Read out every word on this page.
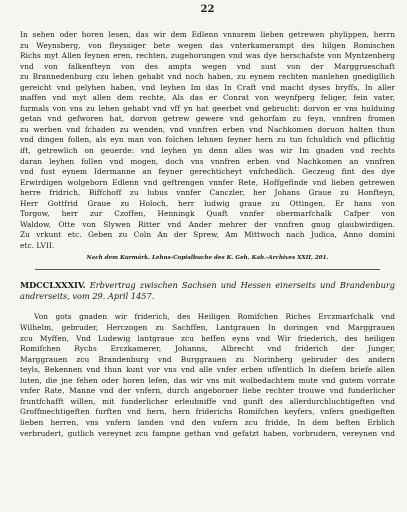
22
In sehen oder horen lesen, das wir dem Edlenn vnnsrem lieben getrewen phylippen, herrn
zu Weynsberg, von fleyssiger bete wegen das vnterkamerampt des hilgen Romischen
Richs myt Allen feynen eren, rechten, zugehorungen vnd was dye herschafste von Myntzenberg
vnd von falkenfteyn von des ampts wegen vnd sust von der Marggrueschaft
zu Brannedenburg czu lehen gehabt vnd noch haben, zu eynem rechten manlehen gnedigllich
gereicht vnd gelyhen haben, vnd leyhen Im das In Craft vnd macht dyses bryffs, In aller
maffen vnd myt allen dem rechte, Als das er Conrat von weynfperg feliger, fein vater,
furmals von vns zu lehen gehabt vnd vff yn hat geerbet vnd gebrucht: dorvon er vns hulduing
getan vnd gefworen hat, dorvon getrew gewere vnd gehorfam zu feyn, vnnfren fromen
zu werben vnd fchaden zu wenden, vnd vnnfren erben vnd Nachkomen doruon halten thun
vnd dingen follen, als eyn man von folchen lehnen feyner hern zu tun fchuldich vnd pflichtig
ift, getrewlich on geuerde: vnd leyhen yn denn alles was wir Im gnaden vnd rechts
daran leyhen follen vnd mogen, doch vns vnnfren erben vnd Nachkomen an vnnfren
vnd fust eynem Idermanne an feyner gerechticheyt vnfchedlich. Geczeug fint des dye
Erwirdigen wolgeborn Edlenn vnd geftrengen vnnfer Rete, Hoffgefinde vnd lieben getrewen
herre fridrich, Biffchoff zu lubus vnnfer Canczler, her Johans Graue zu Honfteyn,
Herr Gottfrid Graue zu Holoch, herr ludwig graue zu Ottingen, Er hans von
Torgow, herr zur Czoffen, Henningk Quaft vnnfer obermarfchalk Cafper von
Waldow, Otte von Slywen Ritter vnd Ander mehrer der vnnfren gnug glaubwirdigen.
Zu vrkunt etc. Geben zu Coln An der Sprew, Am Mittwoch nach Judica, Anno domini
etc. LVII.
Nach dem Kurmärk. Lehns-Copialbuche des K. Geh. Kab.-Archives XXII, 201.
MDCCLXXXIV. Erbvertrag zwischen Sachsen und Hessen einerseits und Brandenburg andrerseits, vom 29. April 1457.
Von gots gnaden wir friderich, des Heiligen Romifchen Riches Erczmarfchalk vnd
Wilhelm, gebruder, Herczogen zu Sachffen, Lantgrauen In doringen vnd Marggrauen
zcu Myffen, Vnd Ludewig lantgraue zcu heffen eyns vnd Wir friederich, des heiligen
Romifchen Rychs Erczkamerer, Johanns, Albrecht vnd friderich der Junger,
Marggrauen zcu Brandenburg vnd Burggrauen zu Norinberg gebruder des andern
teyls, Bekennen vnd thun kunt vor vns vnd alle vnfer erben uffentlich In diefem briefe allen
luten, die jne fehen oder horen lefen, das wir vns mit wolbedachtem mute vnd gutem vorrate
vnfer Rate, Manne vnd der vnfern, durch angeborner liebe rechter trouwe vnd funderlicher
fruntfchafft willen, mit funderlicher erleubniffe vnd gunft des allerdurchluchtigeften vnd
Groffmechtigeften furften vnd hern, hern friderichs Romifchen keyfers, vnfers gnedigeften
lieben herren, vns vnfern landen vnd den vnfern zcu fridde, In dem beften Erblich
verbrudert, gutlich vereynet zcu fampne gethan vnd gefatzt haben, vorbrudern, vereynen vnd
